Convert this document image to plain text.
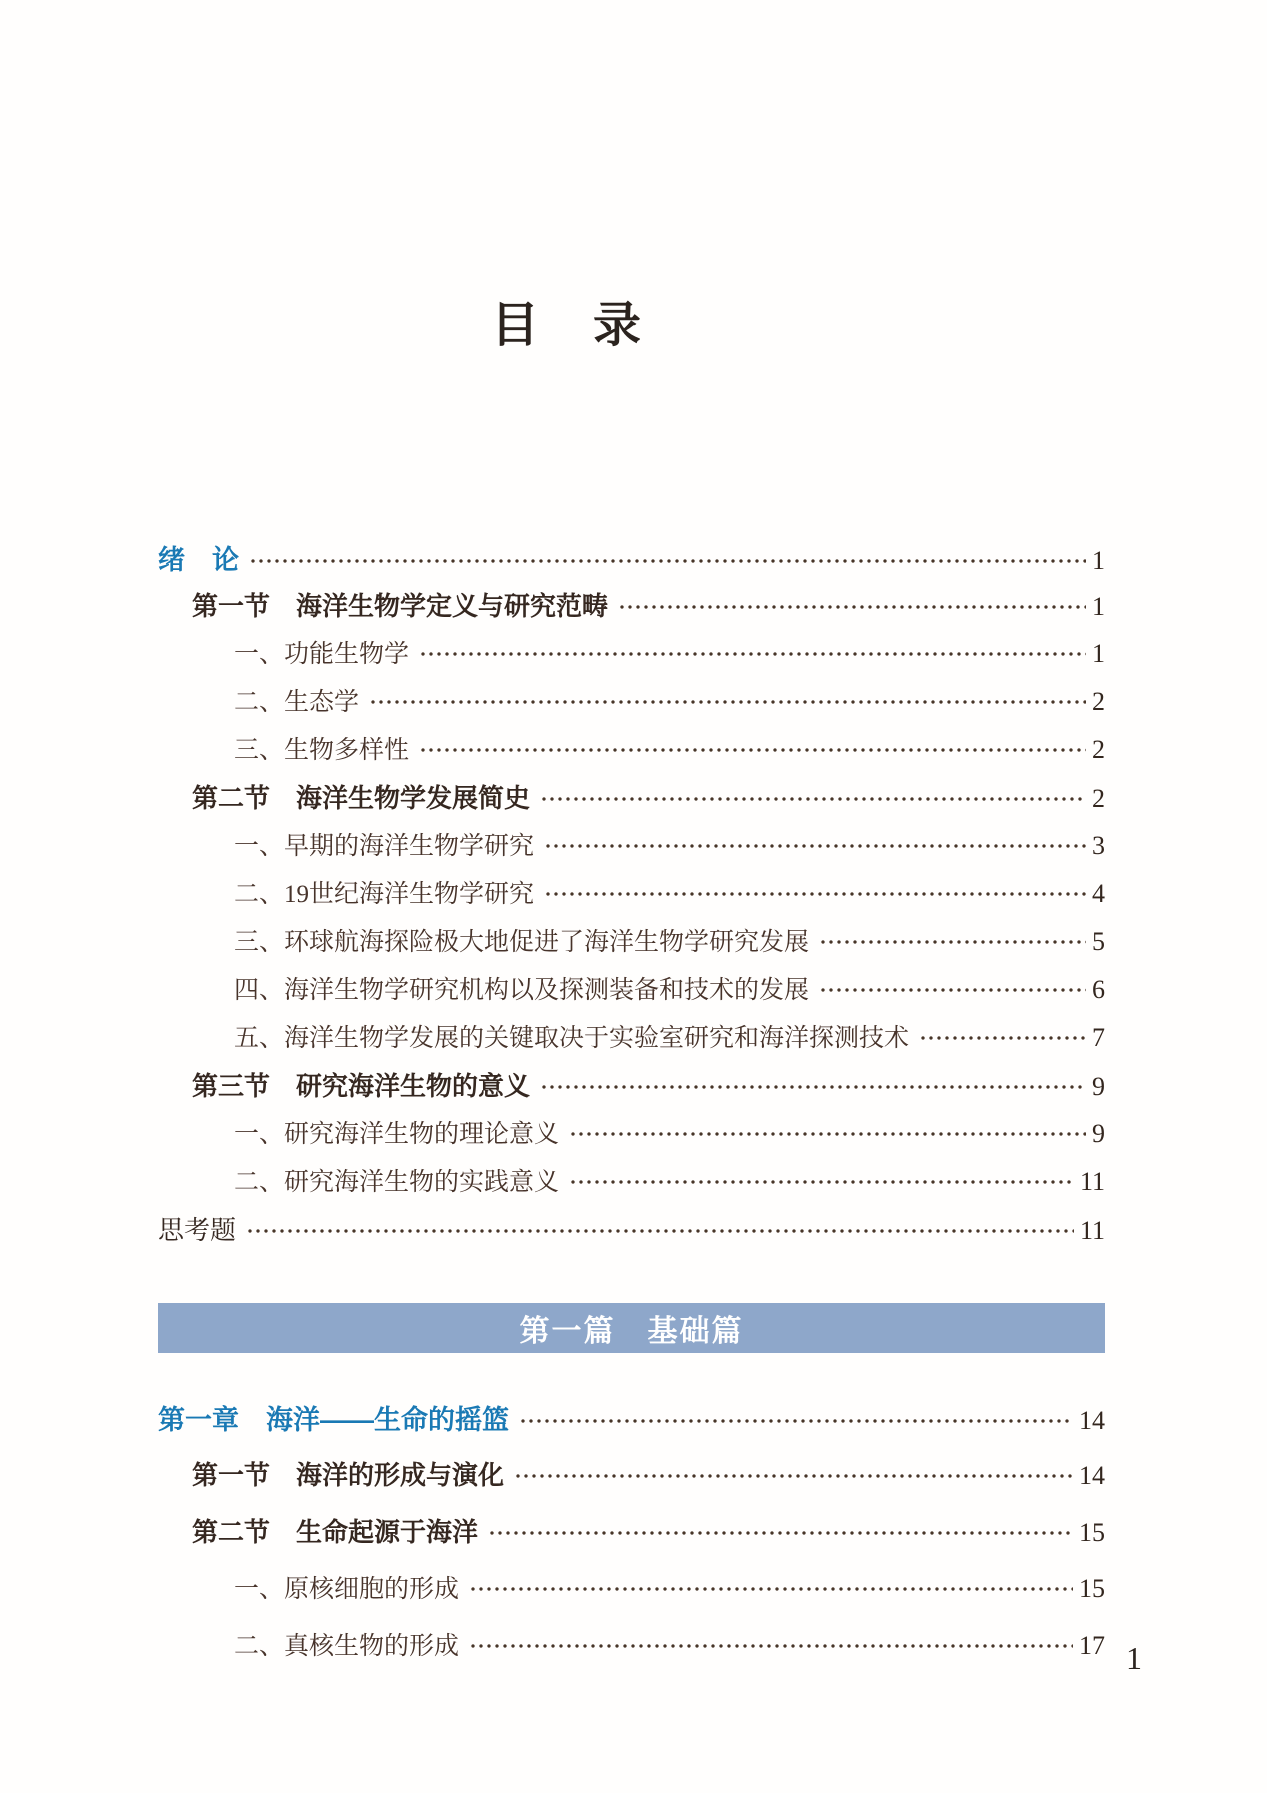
目　录
绪　论	1
第一节　海洋生物学定义与研究范畴	1
一、功能生物学	1
二、生态学	2
三、生物多样性	2
第二节　海洋生物学发展简史	2
一、早期的海洋生物学研究	3
二、19世纪海洋生物学研究	4
三、环球航海探险极大地促进了海洋生物学研究发展	5
四、海洋生物学研究机构以及探测装备和技术的发展	6
五、海洋生物学发展的关键取决于实验室研究和海洋探测技术	7
第三节　研究海洋生物的意义	9
一、研究海洋生物的理论意义	9
二、研究海洋生物的实践意义	11
思考题	11
第一篇　基础篇
第一章　海洋——生命的摇篮	14
第一节　海洋的形成与演化	14
第二节　生命起源于海洋	15
一、原核细胞的形成	15
二、真核生物的形成	17 1
